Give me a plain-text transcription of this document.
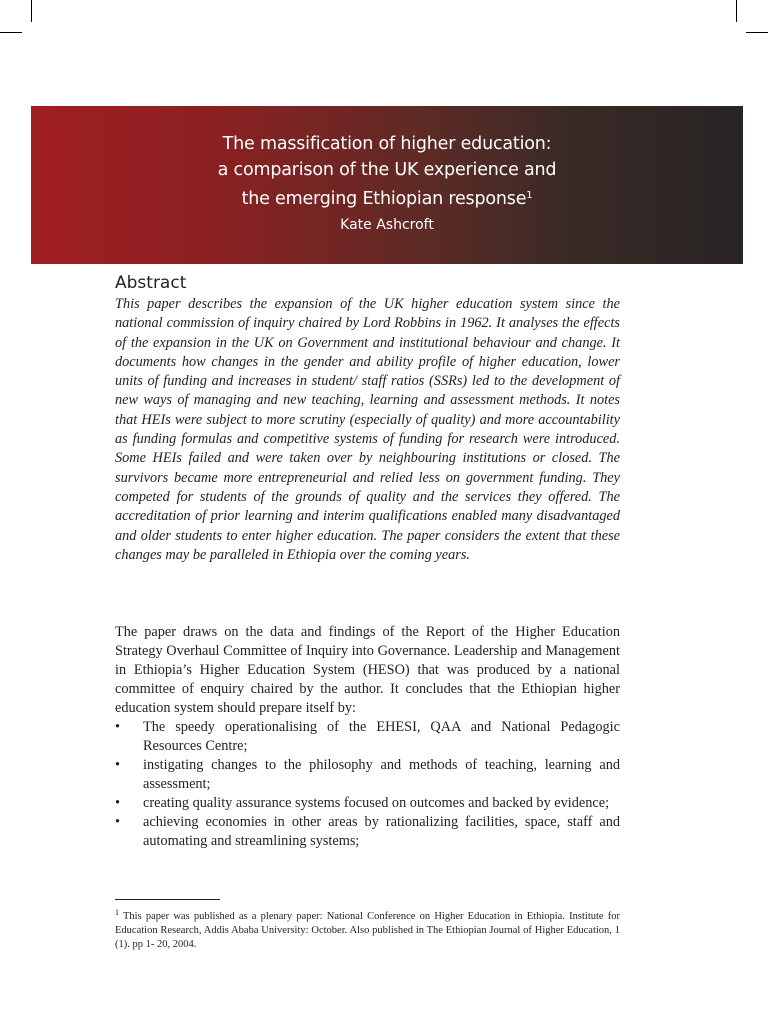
The massification of higher education:
a comparison of the UK experience and
the emerging Ethiopian response$^1$
Kate Ashcroft
Abstract
This paper describes the expansion of the UK higher education system since the national commission of inquiry chaired by Lord Robbins in 1962. It analyses the effects of the expansion in the UK on Government and institutional behaviour and change. It documents how changes in the gender and ability profile of higher education, lower units of funding and increases in student/ staff ratios (SSRs) led to the development of new ways of managing and new teaching, learning and assessment methods. It notes that HEIs were subject to more scrutiny (especially of quality) and more accountability as funding formulas and competitive systems of funding for research were introduced. Some HEIs failed and were taken over by neighbouring institutions or closed. The survivors became more entrepreneurial and relied less on government funding. They competed for students of the grounds of quality and the services they offered. The accreditation of prior learning and interim qualifications enabled many disadvantaged and older students to enter higher education. The paper considers the extent that these changes may be paralleled in Ethiopia over the coming years.
The paper draws on the data and findings of the Report of the Higher Education Strategy Overhaul Committee of Inquiry into Governance. Leadership and Management in Ethiopia’s Higher Education System (HESO) that was produced by a national committee of enquiry chaired by the author. It concludes that the Ethiopian higher education system should prepare itself by:
• The speedy operationalising of the EHESI, QAA and National Pedagogic Resources Centre;
• instigating changes to the philosophy and methods of teaching, learning and assessment;
• creating quality assurance systems focused on outcomes and backed by evidence;
• achieving economies in other areas by rationalizing facilities, space, staff and automating and streamlining systems;
$^1$ This paper was published as a plenary paper: National Conference on Higher Education in Ethiopia. Institute for Education Research, Addis Ababa University: October. Also published in The Ethiopian Journal of Higher Education, 1 (1). pp 1- 20, 2004.
